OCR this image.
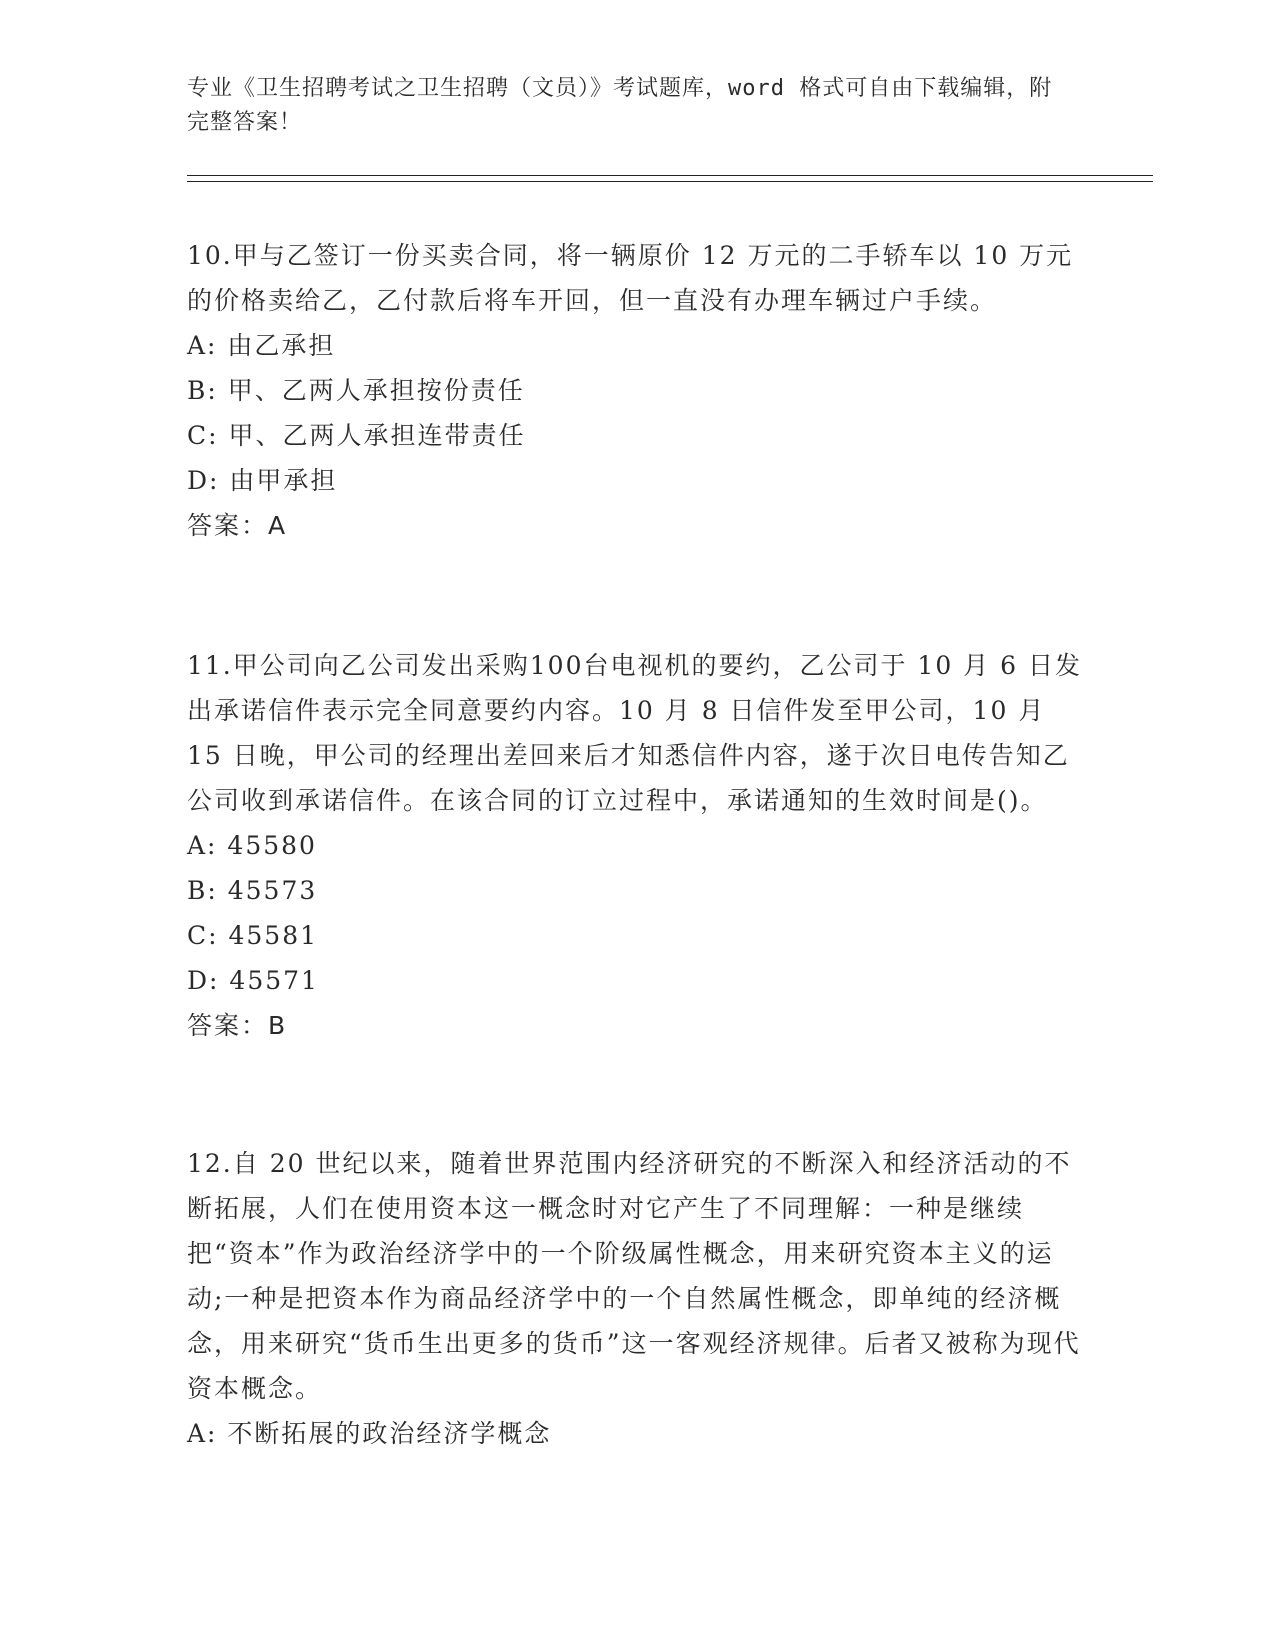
专业《卫生招聘考试之卫生招聘（文员）》考试题库，word 格式可自由下载编辑，附完整答案！

10.甲与乙签订一份买卖合同，将一辆原价 12 万元的二手轿车以 10 万元的价格卖给乙，乙付款后将车开回，但一直没有办理车辆过户手续。

A: 由乙承担

B: 甲、乙两人承担按份责任

C: 甲、乙两人承担连带责任

D: 由甲承担

答案：A

11.甲公司向乙公司发出采购100台电视机的要约，乙公司于 10 月 6 日发出承诺信件表示完全同意要约内容。10 月 8 日信件发至甲公司，10 月 15 日晚，甲公司的经理出差回来后才知悉信件内容，遂于次日电传告知乙公司收到承诺信件。在该合同的订立过程中，承诺通知的生效时间是()。

A: 45580

B: 45573

C: 45581

D: 45571

答案：B

12.自 20 世纪以来，随着世界范围内经济研究的不断深入和经济活动的不断拓展，人们在使用资本这一概念时对它产生了不同理解：一种是继续把“资本”作为政治经济学中的一个阶级属性概念，用来研究资本主义的运动;一种是把资本作为商品经济学中的一个自然属性概念，即单纯的经济概念，用来研究“货币生出更多的货币”这一客观经济规律。后者又被称为现代资本概念。

A: 不断拓展的政治经济学概念
